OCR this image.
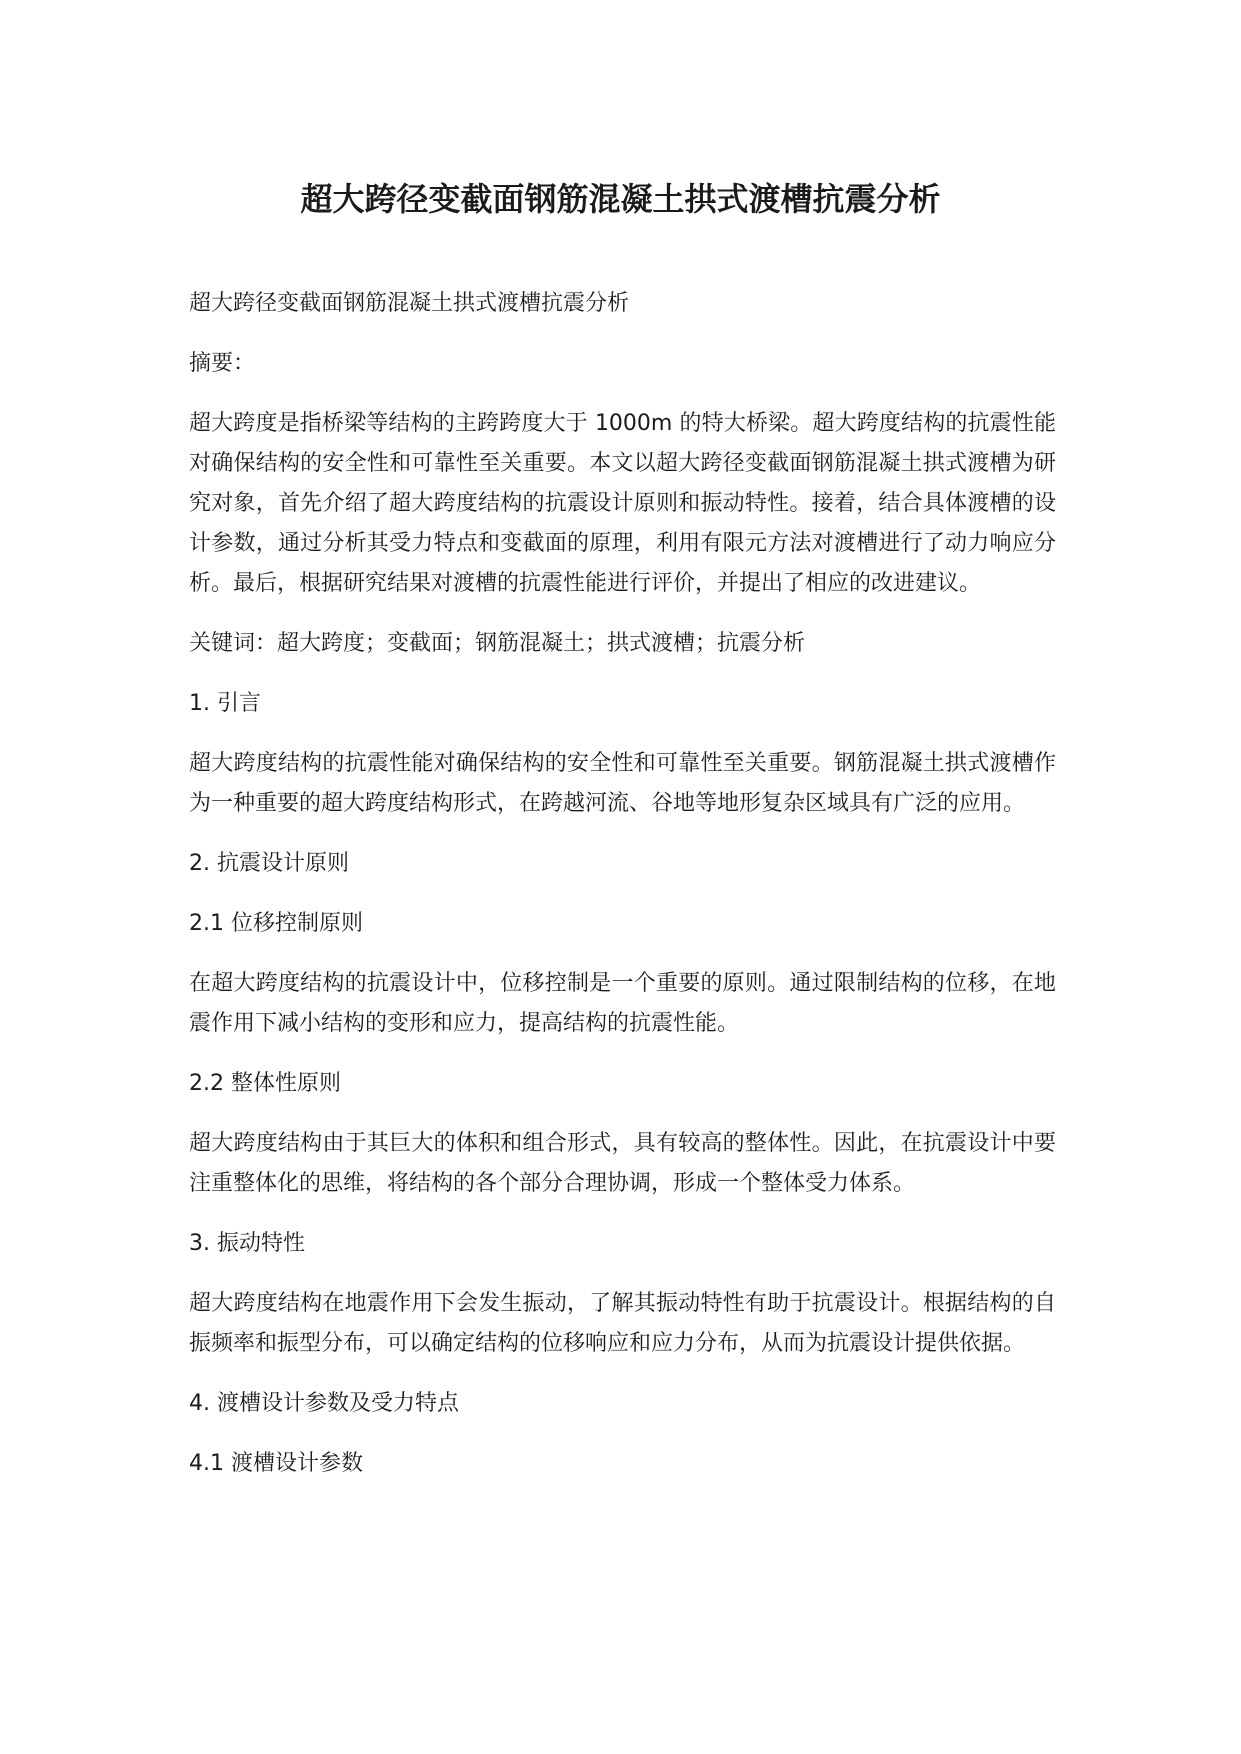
超大跨径变截面钢筋混凝土拱式渡槽抗震分析

超大跨径变截面钢筋混凝土拱式渡槽抗震分析

摘要：

超大跨度是指桥梁等结构的主跨跨度大于 1000m 的特大桥梁。超大跨度结构的抗震性能对确保结构的安全性和可靠性至关重要。本文以超大跨径变截面钢筋混凝土拱式渡槽为研究对象，首先介绍了超大跨度结构的抗震设计原则和振动特性。接着，结合具体渡槽的设计参数，通过分析其受力特点和变截面的原理，利用有限元方法对渡槽进行了动力响应分析。最后，根据研究结果对渡槽的抗震性能进行评价，并提出了相应的改进建议。

关键词：超大跨度；变截面；钢筋混凝土；拱式渡槽；抗震分析

1. 引言

超大跨度结构的抗震性能对确保结构的安全性和可靠性至关重要。钢筋混凝土拱式渡槽作为一种重要的超大跨度结构形式，在跨越河流、谷地等地形复杂区域具有广泛的应用。

2. 抗震设计原则

2.1 位移控制原则

在超大跨度结构的抗震设计中，位移控制是一个重要的原则。通过限制结构的位移，在地震作用下减小结构的变形和应力，提高结构的抗震性能。

2.2 整体性原则

超大跨度结构由于其巨大的体积和组合形式，具有较高的整体性。因此，在抗震设计中要注重整体化的思维，将结构的各个部分合理协调，形成一个整体受力体系。

3. 振动特性

超大跨度结构在地震作用下会发生振动，了解其振动特性有助于抗震设计。根据结构的自振频率和振型分布，可以确定结构的位移响应和应力分布，从而为抗震设计提供依据。

4. 渡槽设计参数及受力特点

4.1 渡槽设计参数
